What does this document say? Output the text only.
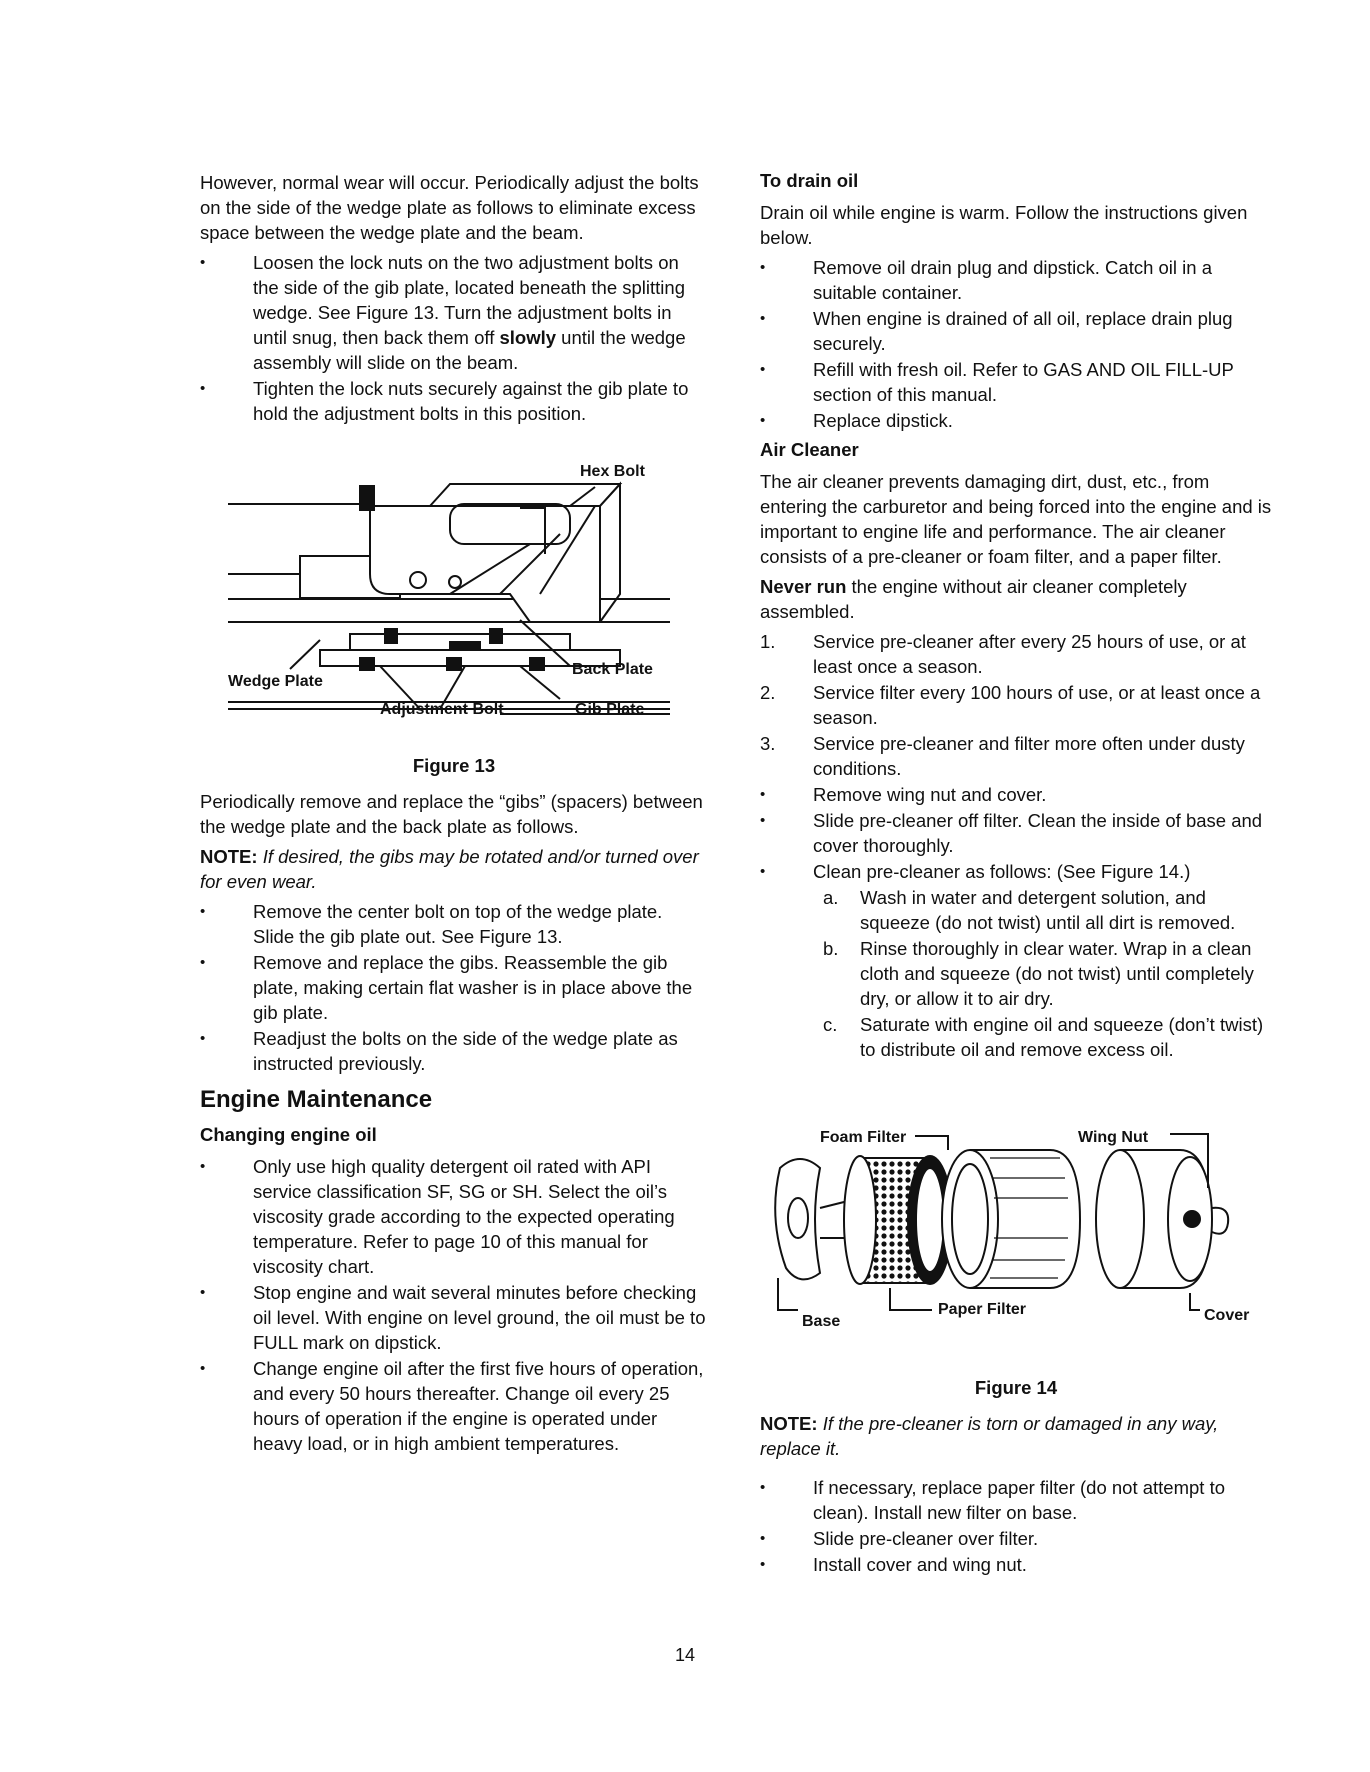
However, normal wear will occur. Periodically adjust the bolts on the side of the wedge plate as follows to eliminate excess space between the wedge plate and the beam.

• Loosen the lock nuts on the two adjustment bolts on the side of the gib plate, located beneath the splitting wedge. See Figure 13. Turn the adjustment bolts in until snug, then back them off slowly until the wedge assembly will slide on the beam.
• Tighten the lock nuts securely against the gib plate to hold the adjustment bolts in this position.
Hex Bolt
Wedge Plate
Back Plate
Adjustment Bolt	Gib Plate
Figure 13

Periodically remove and replace the “gibs” (spacers) between the wedge plate and the back plate as follows.

NOTE: If desired, the gibs may be rotated and/or turned over for even wear.

• Remove the center bolt on top of the wedge plate. Slide the gib plate out. See Figure 13.
• Remove and replace the gibs. Reassemble the gib plate, making certain flat washer is in place above the gib plate.
• Readjust the bolts on the side of the wedge plate as instructed previously.
Engine Maintenance
Changing engine oil
• Only use high quality detergent oil rated with API service classification SF, SG or SH. Select the oil’s viscosity grade according to the expected operating temperature. Refer to page 10 of this manual for viscosity chart.
• Stop engine and wait several minutes before checking oil level. With engine on level ground, the oil must be to FULL mark on dipstick.
• Change engine oil after the first five hours of operation, and every 50 hours thereafter. Change oil every 25 hours of operation if the engine is operated under heavy load, or in high ambient temperatures.
To drain oil

Drain oil while engine is warm. Follow the instructions given below.

• Remove oil drain plug and dipstick. Catch oil in a suitable container.
• When engine is drained of all oil, replace drain plug securely.
• Refill with fresh oil. Refer to GAS AND OIL FILL-UP section of this manual.
• Replace dipstick.
Air Cleaner

The air cleaner prevents damaging dirt, dust, etc., from entering the carburetor and being forced into the engine and is important to engine life and performance. The air cleaner consists of a pre-cleaner or foam filter, and a paper filter.

Never run the engine without air cleaner completely assembled.

1. Service pre-cleaner after every 25 hours of use, or at least once a season.
2. Service filter every 100 hours of use, or at least once a season.
3. Service pre-cleaner and filter more often under dusty conditions.
• Remove wing nut and cover.
• Slide pre-cleaner off filter. Clean the inside of base and cover thoroughly.
• Clean pre-cleaner as follows: (See Figure 14.)
a. Wash in water and detergent solution, and squeeze (do not twist) until all dirt is removed.
b. Rinse thoroughly in clear water. Wrap in a clean cloth and squeeze (do not twist) until completely dry, or allow it to air dry.
c. Saturate with engine oil and squeeze (don’t twist) to distribute oil and remove excess oil.
Foam Filter	Wing Nut
Base
Paper Filter	Cover
Figure 14

NOTE: If the pre-cleaner is torn or damaged in any way, replace it.

• If necessary, replace paper filter (do not attempt to clean). Install new filter on base.
• Slide pre-cleaner over filter.
• Install cover and wing nut.
14
